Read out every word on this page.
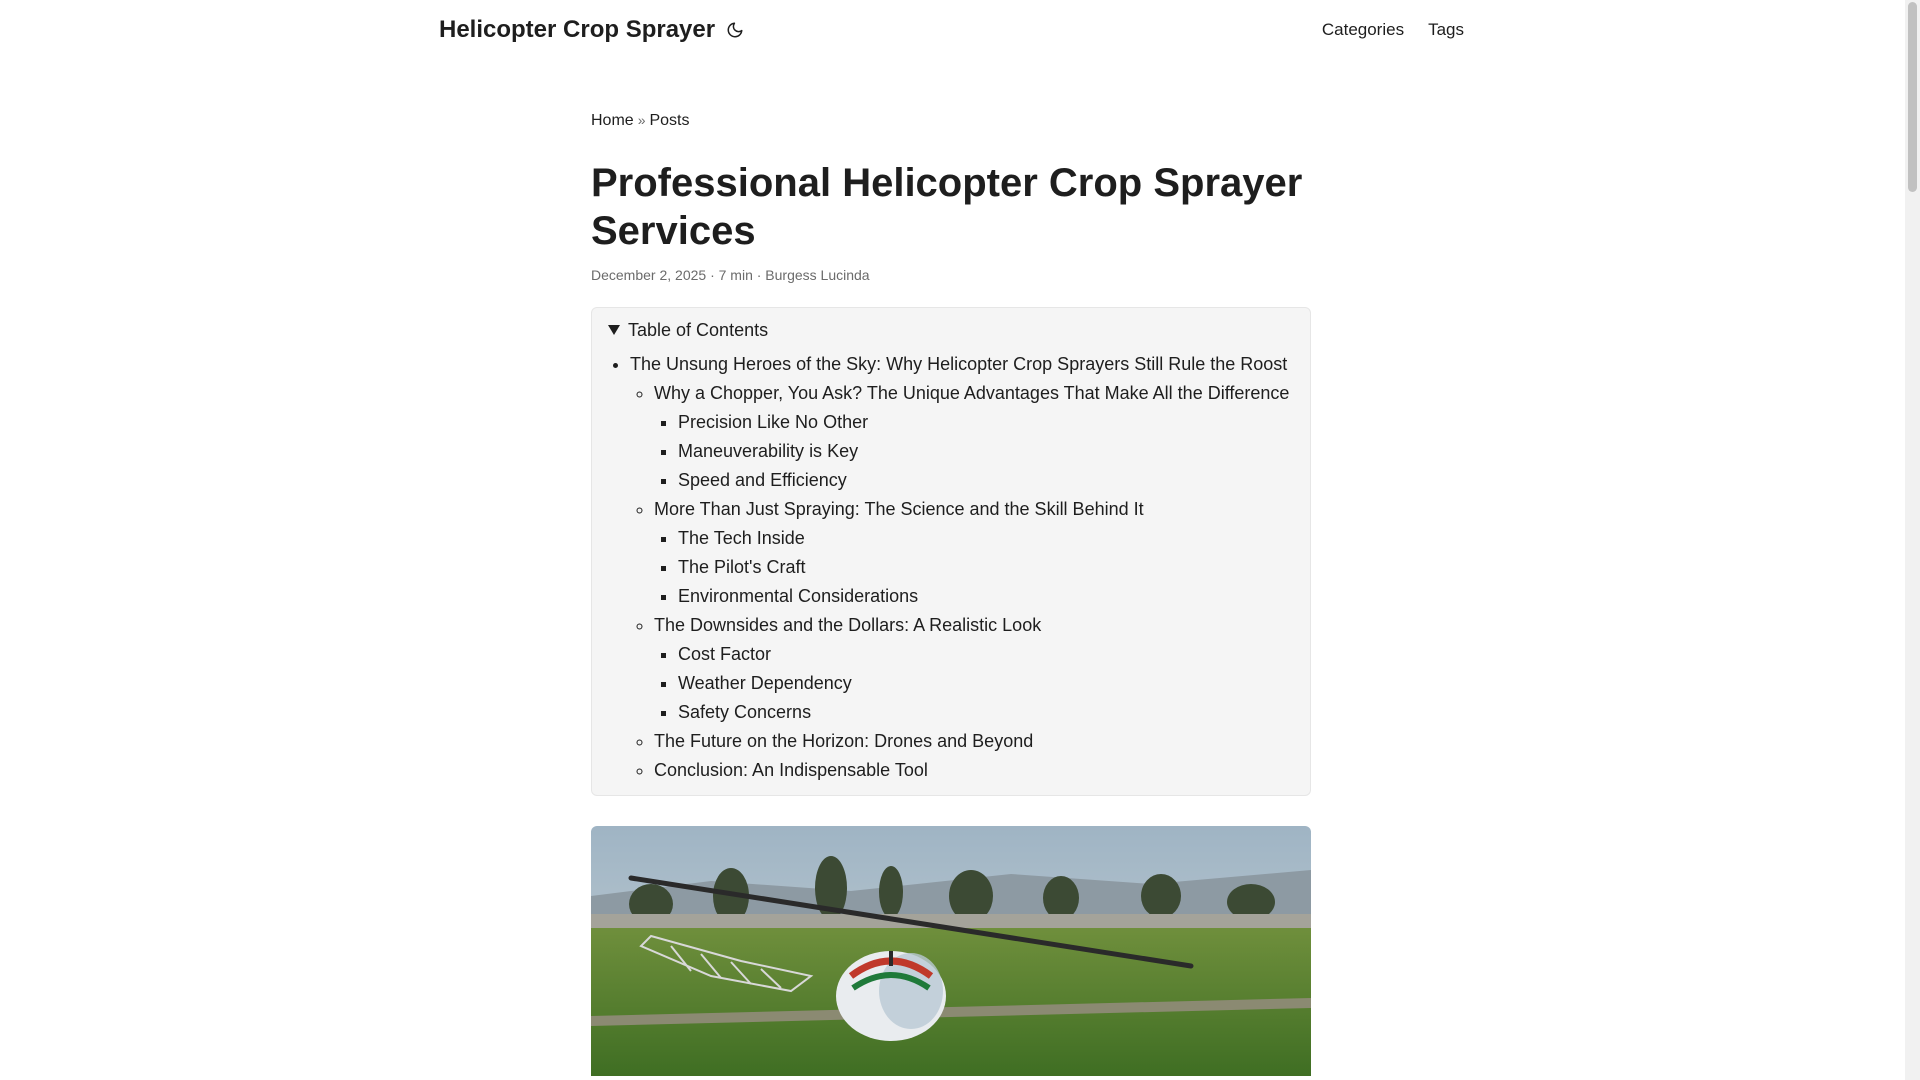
Helicopter Crop Sprayer	Categories Tags
Home » Posts
Professional Helicopter Crop Sprayer Services
December 2, 2025 · 7 min · Burgess Lucinda
Table of Contents
• The Unsung Heroes of the Sky: Why Helicopter Crop Sprayers Still Rule the Roost
◦ Why a Chopper, You Ask? The Unique Advantages That Make All the Difference
▪ Precision Like No Other
▪ Maneuverability is Key
▪ Speed and Efficiency
◦ More Than Just Spraying: The Science and the Skill Behind It
▪ The Tech Inside
▪ The Pilot's Craft
▪ Environmental Considerations
◦ The Downsides and the Dollars: A Realistic Look
▪ Cost Factor
▪ Weather Dependency
▪ Safety Concerns
◦ The Future on the Horizon: Drones and Beyond
◦ Conclusion: An Indispensable Tool
